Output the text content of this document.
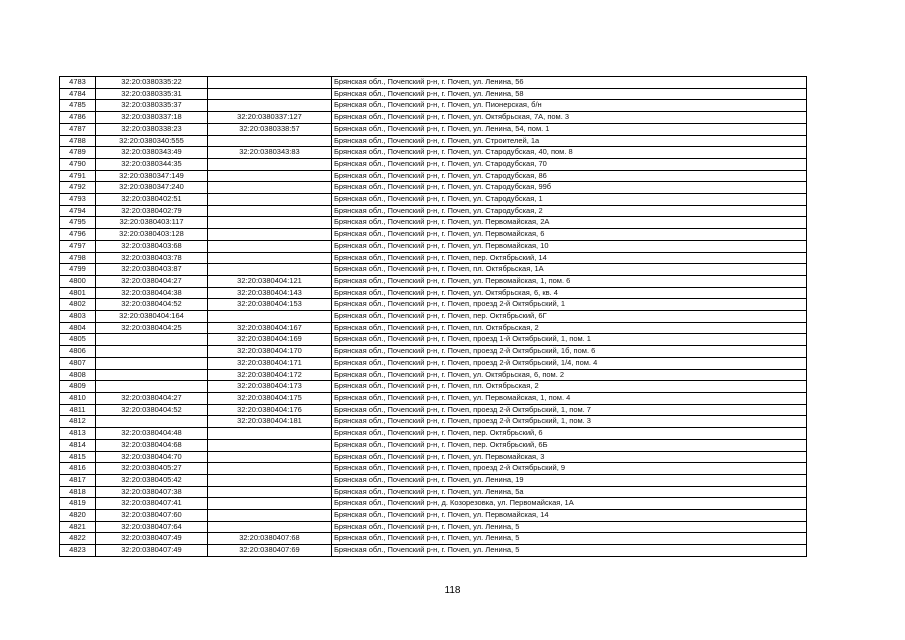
4783	32:20:0380335:22		Брянская обл., Почепский р-н, г. Почеп, ул. Ленина, 56
4784	32:20:0380335:31		Брянская обл., Почепский р-н, г. Почеп, ул. Ленина, 58
4785	32:20:0380335:37		Брянская обл., Почепский р-н, г. Почеп, ул. Пионерская, б/н
4786	32:20:0380337:18	32:20:0380337:127	Брянская обл., Почепский р-н, г. Почеп, ул. Октябрьская, 7А, пом. 3
4787	32:20:0380338:23	32:20:0380338:57	Брянская обл., Почепский р-н, г. Почеп, ул. Ленина, 54, пом. 1
4788	32:20:0380340:555		Брянская обл., Почепский р-н, г. Почеп, ул. Строителей, 1а
4789	32:20:0380343:49	32:20:0380343:83	Брянская обл., Почепский р-н, г. Почеп, ул. Стародубская, 40, пом. 8
4790	32:20:0380344:35		Брянская обл., Почепский р-н, г. Почеп, ул. Стародубская, 70
4791	32:20:0380347:149		Брянская обл., Почепский р-н, г. Почеп, ул. Стародубская, 86
4792	32:20:0380347:240		Брянская обл., Почепский р-н, г. Почеп, ул. Стародубская, 99б
4793	32:20:0380402:51		Брянская обл., Почепский р-н, г. Почеп, ул. Стародубская, 1
4794	32:20:0380402:79		Брянская обл., Почепский р-н, г. Почеп, ул. Стародубская, 2
4795	32:20:0380403:117		Брянская обл., Почепский р-н, г. Почеп, ул. Первомайская, 2А
4796	32:20:0380403:128		Брянская обл., Почепский р-н, г. Почеп, ул. Первомайская, 6
4797	32:20:0380403:68		Брянская обл., Почепский р-н, г. Почеп, ул. Первомайская, 10
4798	32:20:0380403:78		Брянская обл., Почепский р-н, г. Почеп, пер. Октябрьский, 14
4799	32:20:0380403:87		Брянская обл., Почепский р-н, г. Почеп, пл. Октябрьская, 1А
4800	32:20:0380404:27	32:20:0380404:121	Брянская обл., Почепский р-н, г. Почеп, ул. Первомайская, 1, пом. 6
4801	32:20:0380404:38	32:20:0380404:143	Брянская обл., Почепский р-н, г. Почеп, ул. Октябрьская, 6, кв. 4
4802	32:20:0380404:52	32:20:0380404:153	Брянская обл., Почепский р-н, г. Почеп, проезд 2-й Октябрьский, 1
4803	32:20:0380404:164		Брянская обл., Почепский р-н, г. Почеп, пер. Октябрьский, 6Г
4804	32:20:0380404:25	32:20:0380404:167	Брянская обл., Почепский р-н, г. Почеп, пл. Октябрьская, 2
4805		32:20:0380404:169	Брянская обл., Почепский р-н, г. Почеп, проезд 1-й Октябрьский, 1, пом. 1
4806		32:20:0380404:170	Брянская обл., Почепский р-н, г. Почеп, проезд 2-й Октябрьский, 1б, пом. 6
4807		32:20:0380404:171	Брянская обл., Почепский р-н, г. Почеп, проезд 2-й Октябрьский, 1/4, пом. 4
4808		32:20:0380404:172	Брянская обл., Почепский р-н, г. Почеп, ул. Октябрьская, 6, пом. 2
4809		32:20:0380404:173	Брянская обл., Почепский р-н, г. Почеп, пл. Октябрьская, 2
4810	32:20:0380404:27	32:20:0380404:175	Брянская обл., Почепский р-н, г. Почеп, ул. Первомайская, 1, пом. 4
4811	32:20:0380404:52	32:20:0380404:176	Брянская обл., Почепский р-н, г. Почеп, проезд 2-й Октябрьский, 1, пом. 7
4812		32:20:0380404:181	Брянская обл., Почепский р-н, г. Почеп, проезд 2-й Октябрьский, 1, пом. 3
4813	32:20:0380404:48		Брянская обл., Почепский р-н, г. Почеп, пер. Октябрьский, 6
4814	32:20:0380404:68		Брянская обл., Почепский р-н, г. Почеп, пер. Октябрьский, 6Б
4815	32:20:0380404:70		Брянская обл., Почепский р-н, г. Почеп, ул. Первомайская, 3
4816	32:20:0380405:27		Брянская обл., Почепский р-н, г. Почеп, проезд 2-й Октябрьский, 9
4817	32:20:0380405:42		Брянская обл., Почепский р-н, г. Почеп, ул. Ленина, 19
4818	32:20:0380407:38		Брянская обл., Почепский р-н, г. Почеп, ул. Ленина, 5а
4819	32:20:0380407:41		Брянская обл., Почепский р-н, д. Козорезовка, ул. Первомайская, 1А
4820	32:20:0380407:60		Брянская обл., Почепский р-н, г. Почеп, ул. Первомайская, 14
4821	32:20:0380407:64		Брянская обл., Почепский р-н, г. Почеп, ул. Ленина, 5
4822	32:20:0380407:49	32:20:0380407:68	Брянская обл., Почепский р-н, г. Почеп, ул. Ленина, 5
4823	32:20:0380407:49	32:20:0380407:69	Брянская обл., Почепский р-н, г. Почеп, ул. Ленина, 5
118
